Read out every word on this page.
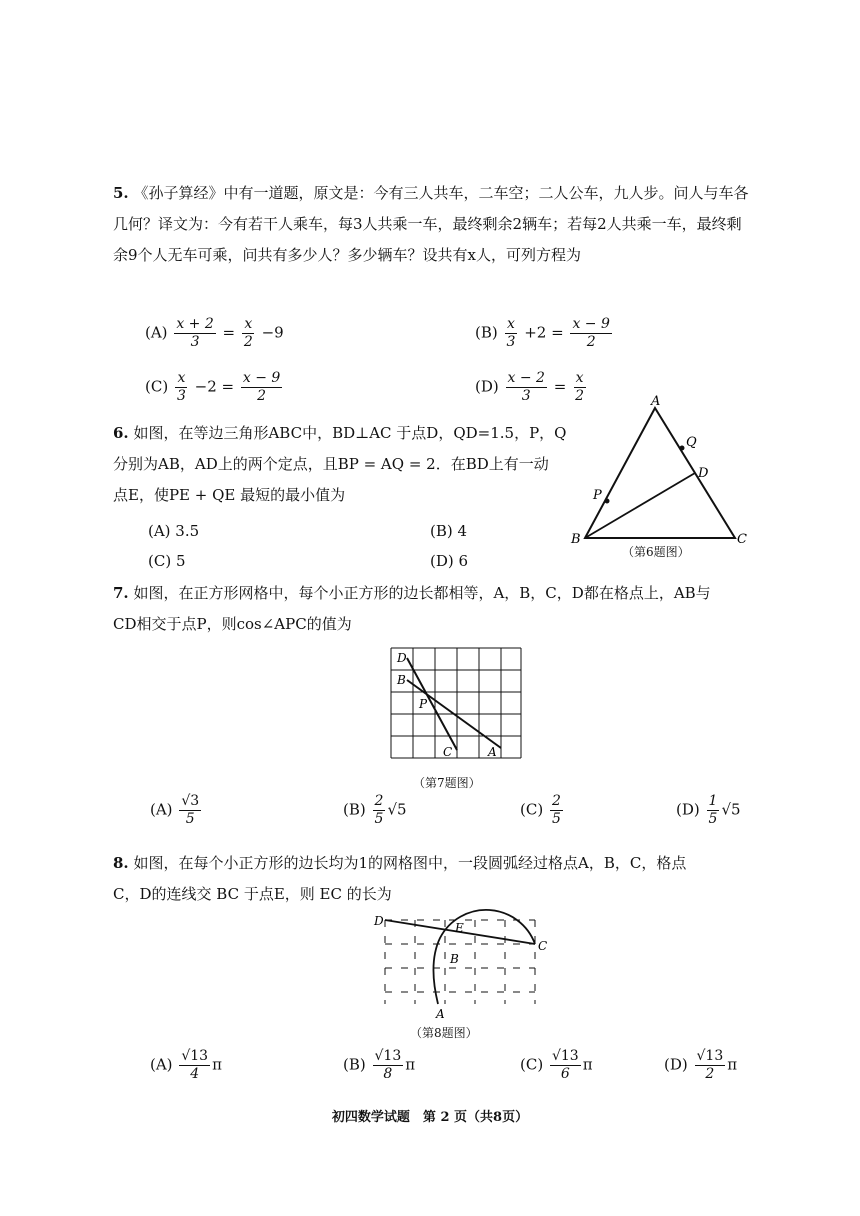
5. 《孙子算经》中有一道题，原文是：今有三人共车，二车空；二人公车，九人步。问人与车各几何？译文为：今有若干人乘车，每3人共乘一车，最终剩余2辆车；若每2人共乘一车，最终剩余9个人无车可乘，问共有多少人？多少辆车？设共有x人，可列方程为
$(A) \frac{x + 2}{3} = \frac{x}{2} -9$	$(B) \frac{x}{3} +2 = \frac{x - 9}{2}$
$(C) \frac{x}{3} -2 = \frac{x - 9}{2}$	$(D) \frac{x - 2}{3} = \frac{x}{2}$
6. 如图，在等边三角形ABC中，BD⊥AC 于点D，QD=1.5，P，Q
分别为AB，AD上的两个定点，且BP = AQ = 2．在BD上有一动
点E，使PE + QE 最短的最小值为
(A) 3.5	(B) 4
(C) 5	(D) 6
A
B	C
D
P
Q
（第6题图）
7. 如图，在正方形网格中，每个小正方形的边长都相等，A，B，C，D都在格点上，AB与
CD相交于点P，则cos∠APC的值为
D
B
P
C	A
（第7题图）
$(A) \frac{√3}{5}$	$(B) \frac{2}{5} √5$	$(C) \frac{2}{5}$	$(D) \frac{1}{5} √5$
8. 如图，在每个小正方形的边长均为1的网格图中，一段圆弧经过格点A，B，C，格点
C，D的连线交 BC 于点E，则 EC 的长为
D	E
B
C
A
（第8题图）
$(A) \frac{√13}{4}$ π	$(B) \frac{√13}{8}$ π	$(C) \frac{√13}{6}$ π	$(D) \frac{√13}{2}$ π
初四数学试题　第 2 页（共8页）
